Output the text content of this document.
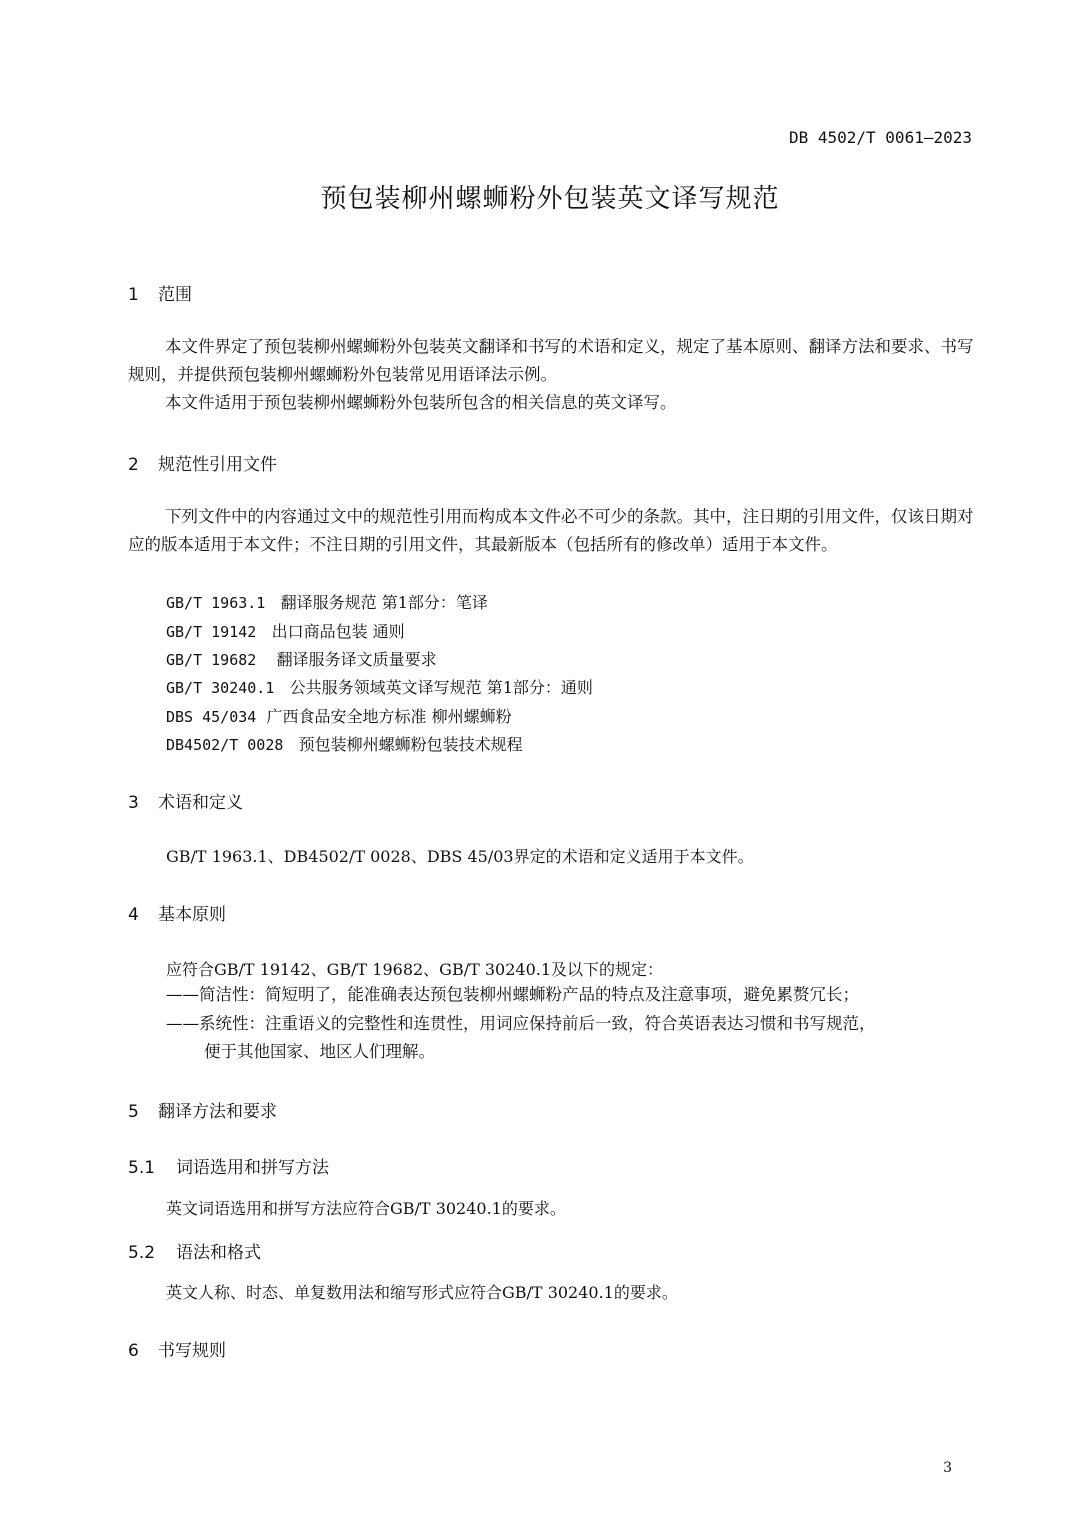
DB 4502/T 0061—2023
预包装柳州螺蛳粉外包装英文译写规范
1 范围
本文件界定了预包装柳州螺蛳粉外包装英文翻译和书写的术语和定义，规定了基本原则、翻译方法和要求、书写规则，并提供预包装柳州螺蛳粉外包装常见用语译法示例。
本文件适用于预包装柳州螺蛳粉外包装所包含的相关信息的英文译写。
2 规范性引用文件
下列文件中的内容通过文中的规范性引用而构成本文件必不可少的条款。其中，注日期的引用文件，仅该日期对应的版本适用于本文件；不注日期的引用文件，其最新版本（包括所有的修改单）适用于本文件。
GB/T 1963.1 翻译服务规范 第1部分：笔译
GB/T 19142 出口商品包装 通则
GB/T 19682 翻译服务译文质量要求
GB/T 30240.1 公共服务领域英文译写规范 第1部分：通则
DBS 45/034 广西食品安全地方标准 柳州螺蛳粉
DB4502/T 0028 预包装柳州螺蛳粉包装技术规程
3 术语和定义
GB/T 1963.1、DB4502/T 0028、DBS 45/03界定的术语和定义适用于本文件。
4 基本原则
应符合GB/T 19142、GB/T 19682、GB/T 30240.1及以下的规定：
——简洁性：简短明了，能准确表达预包装柳州螺蛳粉产品的特点及注意事项，避免累赘冗长；
——系统性：注重语义的完整性和连贯性，用词应保持前后一致，符合英语表达习惯和书写规范，
便于其他国家、地区人们理解。
5 翻译方法和要求
5.1 词语选用和拼写方法
英文词语选用和拼写方法应符合GB/T 30240.1的要求。
5.2 语法和格式
英文人称、时态、单复数用法和缩写形式应符合GB/T 30240.1的要求。
6 书写规则
3
